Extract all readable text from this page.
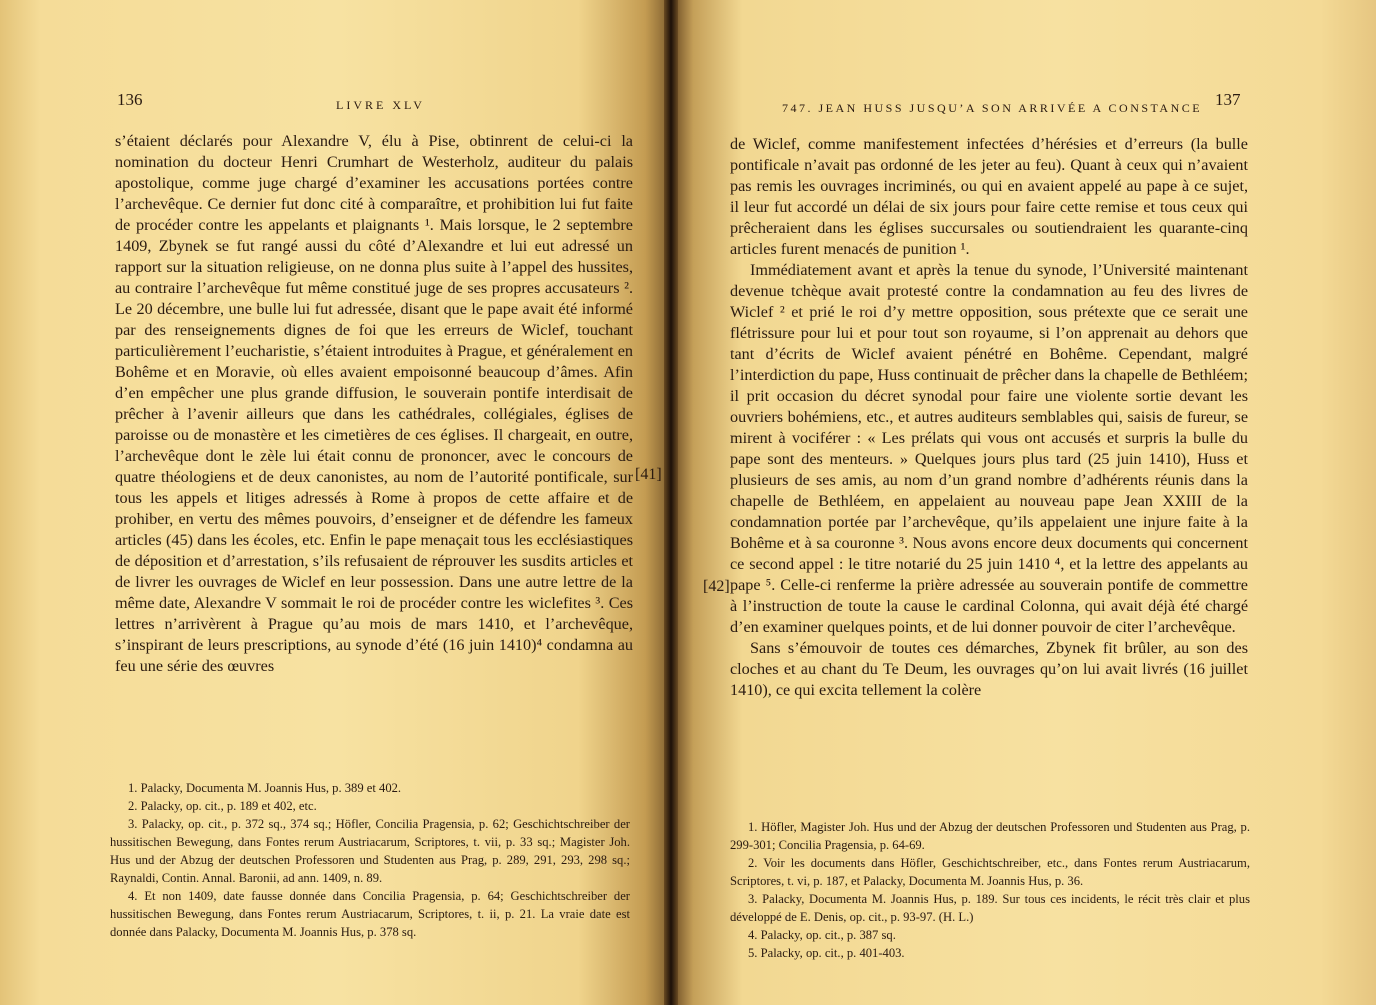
136	LIVRE XLV

s’étaient déclarés pour Alexandre V, élu à Pise, obtinrent de celui-ci la nomination du docteur Henri Crumhart de Westerholz, auditeur du palais apostolique, comme juge chargé d’examiner les accusations portées contre l’archevêque. Ce dernier fut donc cité à comparaître, et prohibition lui fut faite de procéder contre les appelants et plaignants ¹. Mais lorsque, le 2 septembre 1409, Zbynek se fut rangé aussi du côté d’Alexandre et lui eut adressé un rapport sur la situation religieuse, on ne donna plus suite à l’appel des hussites, au contraire l’archevêque fut même constitué juge de ses propres accusateurs ². Le 20 décembre, une bulle lui fut adressée, disant que le pape avait été informé par des renseignements dignes de foi que les erreurs de Wiclef, touchant particulièrement l’eucharistie, s’étaient introduites à Prague, et généralement en Bohême et en Moravie, où elles avaient empoisonné beaucoup d’âmes. Afin d’en empêcher une plus grande diffusion, le souverain pontife interdisait de prêcher à l’avenir ailleurs que dans les cathédrales, collégiales, églises de paroisse ou de monastère et les cimetières de ces églises. Il chargeait, en outre, l’archevêque dont le zèle lui était connu de prononcer, avec le concours de quatre théologiens et de deux canonistes, au nom de l’autorité pontificale, sur tous les appels et litiges adressés à Rome à propos de cette affaire et de prohiber, en vertu des mêmes pouvoirs, d’enseigner et de défendre les fameux articles (45) dans les écoles, etc. Enfin le pape menaçait tous les ecclésiastiques de déposition et d’arrestation, s’ils refusaient de réprouver les susdits articles et de livrer les ouvrages de Wiclef en leur possession. Dans une autre lettre de la même date, Alexandre V sommait le roi de procéder contre les wiclefites ³. Ces lettres n’arrivèrent à Prague qu’au mois de mars 1410, et l’archevêque, s’inspirant de leurs prescriptions, au synode d’été (16 juin 1410)⁴ condamna au feu une série des œuvres

[41]
1. Palacky, Documenta M. Joannis Hus, p. 389 et 402.
2. Palacky, op. cit., p. 189 et 402, etc.
3. Palacky, op. cit., p. 372 sq., 374 sq.; Höfler, Concilia Pragensia, p. 62; Geschichtschreiber der hussitischen Bewegung, dans Fontes rerum Austriacarum, Scriptores, t. vii, p. 33 sq.; Magister Joh. Hus und der Abzug der deutschen Professoren und Studenten aus Prag, p. 289, 291, 293, 298 sq.; Raynaldi, Contin. Annal. Baronii, ad ann. 1409, n. 89.
4. Et non 1409, date fausse donnée dans Concilia Pragensia, p. 64; Geschichtschreiber der hussitischen Bewegung, dans Fontes rerum Austriacarum, Scriptores, t. ii, p. 21. La vraie date est donnée dans Palacky, Documenta M. Joannis Hus, p. 378 sq.
747. JEAN HUSS JUSQU’A SON ARRIVÉE A CONSTANCE 137

de Wiclef, comme manifestement infectées d’hérésies et d’erreurs (la bulle pontificale n’avait pas ordonné de les jeter au feu). Quant à ceux qui n’avaient pas remis les ouvrages incriminés, ou qui en avaient appelé au pape à ce sujet, il leur fut accordé un délai de six jours pour faire cette remise et tous ceux qui prêcheraient dans les églises succursales ou soutiendraient les quarante-cinq articles furent menacés de punition ¹.

Immédiatement avant et après la tenue du synode, l’Université maintenant devenue tchèque avait protesté contre la condamnation au feu des livres de Wiclef ² et prié le roi d’y mettre opposition, sous prétexte que ce serait une flétrissure pour lui et pour tout son royaume, si l’on apprenait au dehors que tant d’écrits de Wiclef avaient pénétré en Bohême. Cependant, malgré l’interdiction du pape, Huss continuait de prêcher dans la chapelle de Bethléem; il prit occasion du décret synodal pour faire une violente sortie devant les ouvriers bohémiens, etc., et autres auditeurs semblables qui, saisis de fureur, se mirent à vociférer : « Les prélats qui vous ont accusés et surpris la bulle du pape sont des menteurs. » Quelques jours plus tard (25 juin 1410), Huss et plusieurs de ses amis, au nom d’un grand nombre d’adhérents réunis dans la chapelle de Bethléem, en appelaient au nouveau pape Jean XXIII de la condamnation portée par l’archevêque, qu’ils appelaient une injure faite à la Bohême et à sa couronne ³. Nous avons encore deux documents qui concernent ce second appel : le titre notarié du 25 juin 1410 ⁴, et la lettre des appelants au pape ⁵. Celle-ci renferme la prière adressée au souverain pontife de commettre à l’instruction de toute la cause le cardinal Colonna, qui avait déjà été chargé d’en examiner quelques points, et de lui donner pouvoir de citer l’archevêque.

Sans s’émouvoir de toutes ces démarches, Zbynek fit brûler, au son des cloches et au chant du Te Deum, les ouvrages qu’on lui avait livrés (16 juillet 1410), ce qui excita tellement la colère

[42]
1. Höfler, Magister Joh. Hus und der Abzug der deutschen Professoren und Studenten aus Prag, p. 299-301; Concilia Pragensia, p. 64-69.
2. Voir les documents dans Höfler, Geschichtschreiber, etc., dans Fontes rerum Austriacarum, Scriptores, t. vi, p. 187, et Palacky, Documenta M. Joannis Hus, p. 36.
3. Palacky, Documenta M. Joannis Hus, p. 189. Sur tous ces incidents, le récit très clair et plus développé de E. Denis, op. cit., p. 93-97. (H. L.)
4. Palacky, op. cit., p. 387 sq.
5. Palacky, op. cit., p. 401-403.
